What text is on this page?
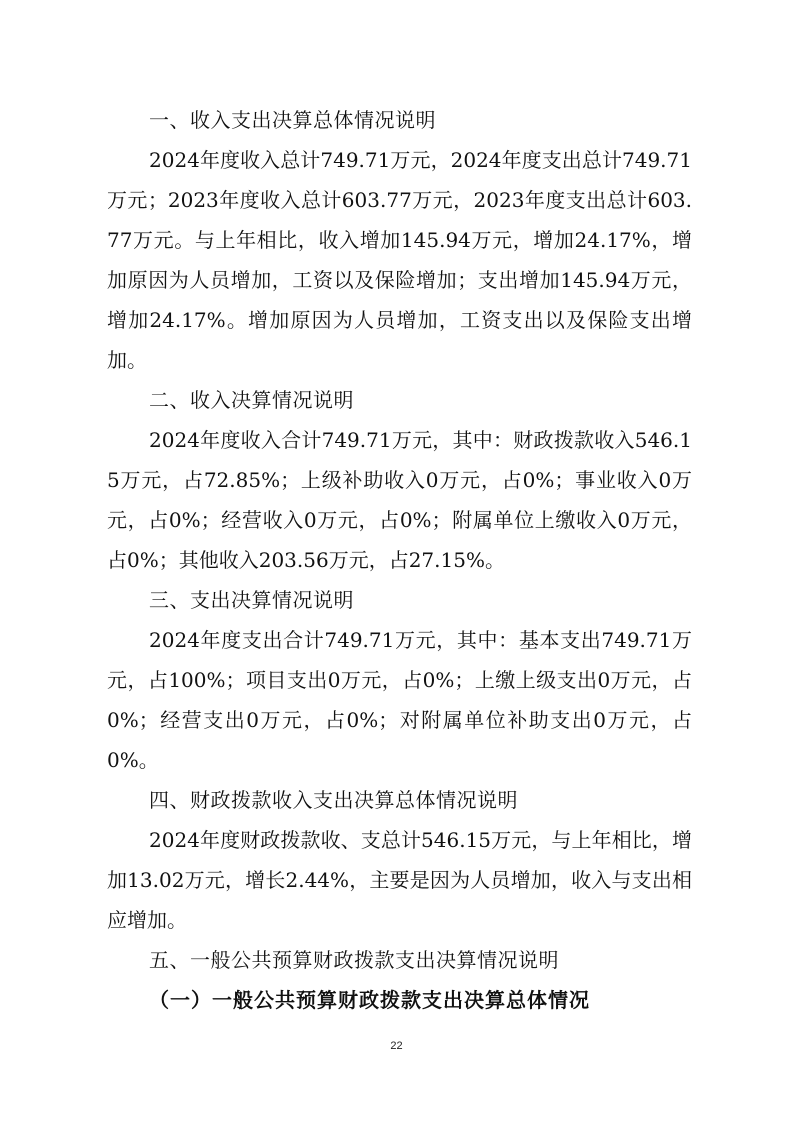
一、收入支出决算总体情况说明

2024年度收入总计749.71万元，2024年度支出总计749.71万元；2023年度收入总计603.77万元，2023年度支出总计603.77万元。与上年相比，收入增加145.94万元，增加24.17%，增加原因为人员增加，工资以及保险增加；支出增加145.94万元，增加24.17%。增加原因为人员增加，工资支出以及保险支出增加。

二、收入决算情况说明

2024年度收入合计749.71万元，其中：财政拨款收入546.15万元，占72.85%；上级补助收入0万元，占0%；事业收入0万元，占0%；经营收入0万元，占0%；附属单位上缴收入0万元，占0%；其他收入203.56万元，占27.15%。

三、支出决算情况说明

2024年度支出合计749.71万元，其中：基本支出749.71万元，占100%；项目支出0万元，占0%；上缴上级支出0万元，占0%；经营支出0万元，占0%；对附属单位补助支出0万元，占0%。

四、财政拨款收入支出决算总体情况说明

2024年度财政拨款收、支总计546.15万元，与上年相比，增加13.02万元，增长2.44%，主要是因为人员增加，收入与支出相应增加。

五、一般公共预算财政拨款支出决算情况说明
（一）一般公共预算财政拨款支出决算总体情况
22
